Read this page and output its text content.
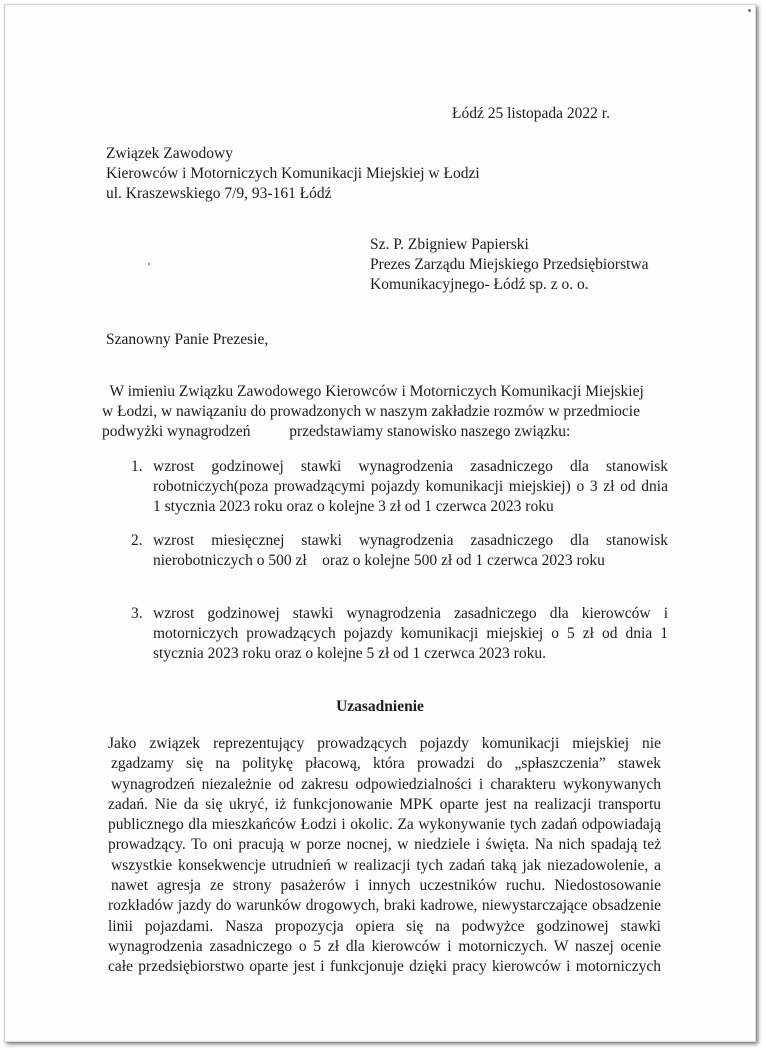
Łódź 25 listopada 2022 r.
Związek Zawodowy
Kierowców i Motorniczych Komunikacji Miejskiej w Łodzi
ul. Kraszewskiego 7/9, 93-161 Łódź
Sz. P. Zbigniew Papierski
Prezes Zarządu Miejskiego Przedsiębiorstwa
Komunikacyjnego- Łódź sp. z o. o.
Szanowny Panie Prezesie,
W imieniu Związku Zawodowego Kierowców i Motorniczych Komunikacji Miejskiej
w Łodzi, w nawiązaniu do prowadzonych w naszym zakładzie rozmów w przedmiocie
podwyżki wynagrodzeń          przedstawiamy stanowisko naszego związku:
1. wzrost godzinowej stawki wynagrodzenia zasadniczego dla stanowisk
robotniczych(poza prowadzącymi pojazdy komunikacji miejskiej) o 3 zł od dnia
1 stycznia 2023 roku oraz o kolejne 3 zł od 1 czerwca 2023 roku
2. wzrost miesięcznej stawki wynagrodzenia zasadniczego dla stanowisk
nierobotniczych o 500 zł    oraz o kolejne 500 zł od 1 czerwca 2023 roku
3. wzrost godzinowej stawki wynagrodzenia zasadniczego dla kierowców i
motorniczych prowadzących pojazdy komunikacji miejskiej o 5 zł od dnia 1
stycznia 2023 roku oraz o kolejne 5 zł od 1 czerwca 2023 roku.
Uzasadnienie
Jako związek reprezentujący prowadzących pojazdy komunikacji miejskiej nie
zgadzamy się na politykę płacową, która prowadzi do „spłaszczenia” stawek
wynagrodzeń niezależnie od zakresu odpowiedzialności i charakteru wykonywanych
zadań. Nie da się ukryć, iż funkcjonowanie MPK oparte jest na realizacji transportu
publicznego dla mieszkańców Łodzi i okolic. Za wykonywanie tych zadań odpowiadają
prowadzący. To oni pracują w porze nocnej, w niedziele i święta. Na nich spadają też
wszystkie konsekwencje utrudnień w realizacji tych zadań taką jak niezadowolenie, a
nawet agresja ze strony pasażerów i innych uczestników ruchu. Niedostosowanie
rozkładów jazdy do warunków drogowych, braki kadrowe, niewystarczające obsadzenie
linii pojazdami. Nasza propozycja opiera się na podwyżce godzinowej stawki
wynagrodzenia zasadniczego o 5 zł dla kierowców i motorniczych. W naszej ocenie
całe przedsiębiorstwo oparte jest i funkcjonuje dzięki pracy kierowców i motorniczych
